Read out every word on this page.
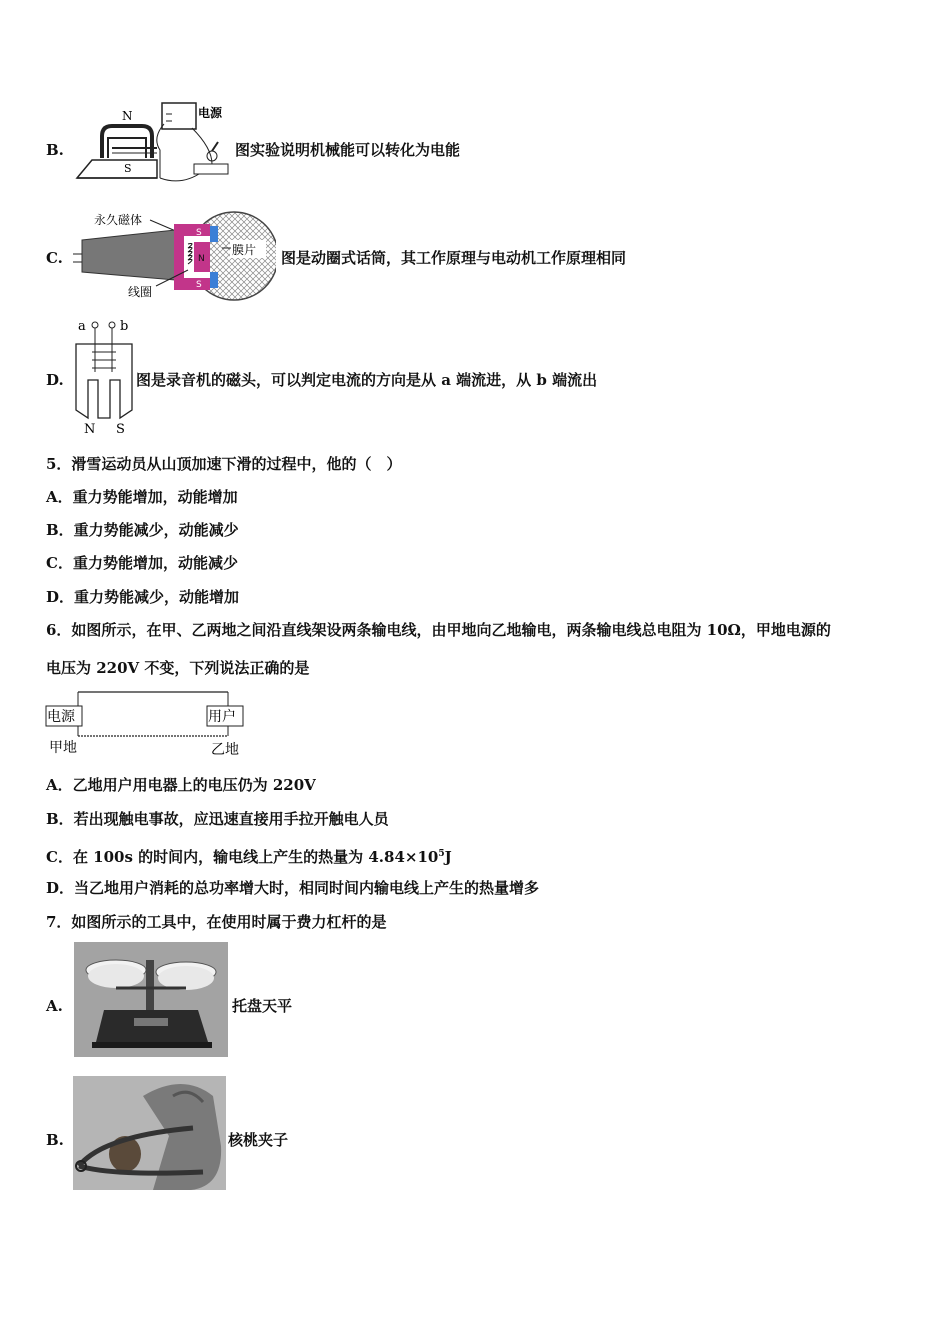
B.
N
S
电源
图实验说明机械能可以转化为电能
C.
永久磁体
S
N
S
膜片
线圈
图是动圈式话筒，其工作原理与电动机工作原理相同
D.
a	b
N S
图是录音机的磁头，可以判定电流的方向是从 a 端流进，从 b 端流出
5．滑雪运动员从山顶加速下滑的过程中，他的（　）
A．重力势能增加，动能增加
B．重力势能减少，动能减少
C．重力势能增加，动能减少
D．重力势能减少，动能增加
6．如图所示，在甲、乙两地之间沿直线架设两条输电线，由甲地向乙地输电，两条输电线总电阻为 10Ω，甲地电源的
电压为 220V 不变，下列说法正确的是
电源	用户
甲地	乙地
A．乙地用户用电器上的电压仍为 220V
B．若出现触电事故，应迅速直接用手拉开触电人员
C．在 100s 的时间内，输电线上产生的热量为 $4.84\times 10^5J$
D．当乙地用户消耗的总功率增大时，相同时间内输电线上产生的热量增多
7．如图所示的工具中，在使用时属于费力杠杆的是
A.	托盘天平
B.	核桃夹子
